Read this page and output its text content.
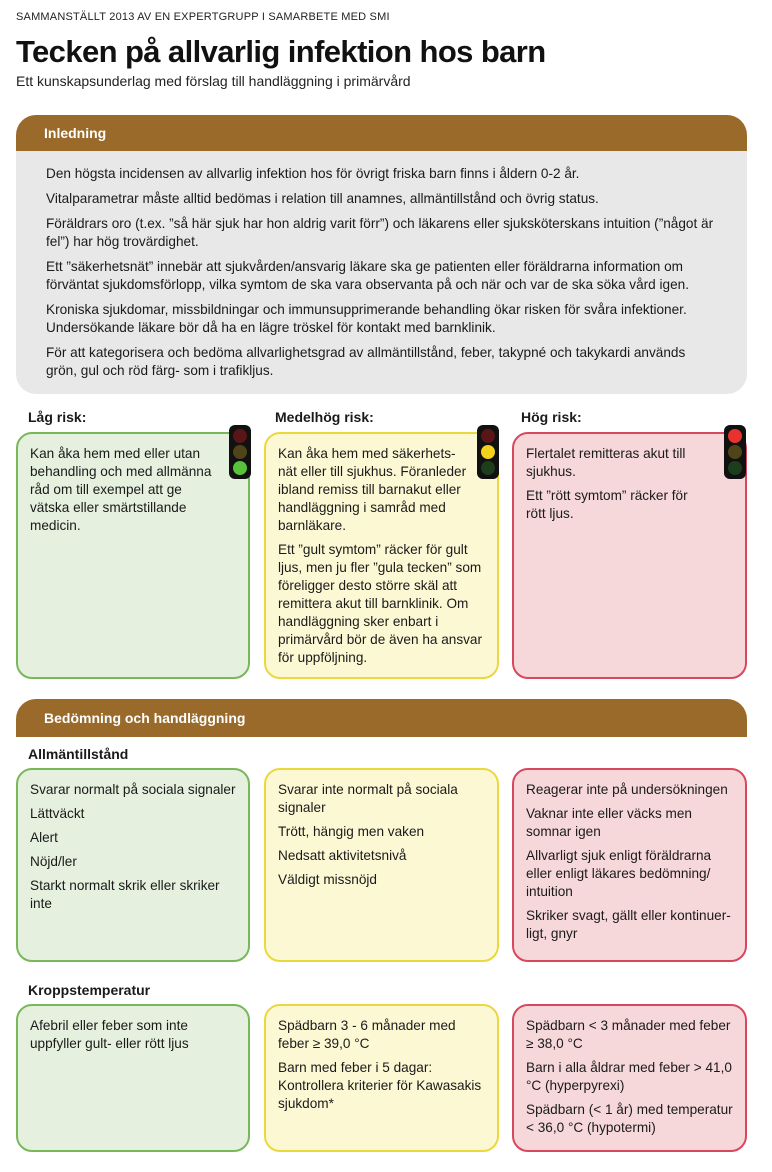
SAMMANSTÄLLT 2013 AV EN EXPERTGRUPP I SAMARBETE MED SMI
Tecken på allvarlig infektion hos barn
Ett kunskapsunderlag med förslag till handläggning i primärvård
Inledning

Den högsta incidensen av allvarlig infektion hos för övrigt friska barn finns i åldern 0-2 år.

Vitalparametrar måste alltid bedömas i relation till anamnes, allmäntillstånd och övrig status.

Föräldrars oro (t.ex. ”så här sjuk har hon aldrig varit förr”) och läkarens eller sjuksköterskans intuition (”något är fel”) har hög trovärdighet.

Ett ”säkerhetsnät” innebär att sjukvården/ansvarig läkare ska ge patienten eller föräldrarna information om förväntat sjukdomsförlopp, vilka symtom de ska vara observanta på och när och var de ska söka vård igen.

Kroniska sjukdomar, missbildningar och immunsupprimerande behandling ökar risken för svåra infektioner. Undersökande läkare bör då ha en lägre tröskel för kontakt med barnklinik.

För att kategorisera och bedöma allvarlighetsgrad av allmäntillstånd, feber, takypné och takykardi används grön, gul och röd färg- som i trafikljus.

Låg risk:	Medelhög risk:	Hög risk:

Kan åka hem med eller utan behandling och med allmänna råd om till exempel att ge vätska eller smärtstillande medicin.

Kan åka hem med säkerhetsnät eller till sjukhus. Föranleder ibland remiss till barnakut eller handläggning i samråd med barnläkare.

Ett ”gult symtom” räcker för gult ljus, men ju fler ”gula tecken” som föreligger desto större skäl att remittera akut till barnklinik. Om handläggning sker enbart i primärvård bör de även ha ansvar för uppföljning.

Flertalet remitteras akut till sjukhus.

Ett ”rött symtom” räcker för rött ljus.

Bedömning och handläggning
Allmäntillstånd

Svarar normalt på sociala signaler

Lättväckt

Alert

Nöjd/ler

Starkt normalt skrik eller skriker inte

Svarar inte normalt på sociala signaler

Trött, hängig men vaken

Nedsatt aktivitetsnivå

Väldigt missnöjd

Reagerar inte på undersökningen

Vaknar inte eller väcks men somnar igen

Allvarligt sjuk enligt föräldrarna eller enligt läkares bedömning/ intuition

Skriker svagt, gällt eller kontinuerligt, gnyr

Kroppstemperatur

Afebril eller feber som inte uppfyller gult- eller rött ljus

Spädbarn 3 - 6 månader med feber ≥ 39,0 °C

Barn med feber i 5 dagar: Kontrollera kriterier för Kawasakis sjukdom*

Spädbarn < 3 månader med feber ≥ 38,0 °C

Barn i alla åldrar med feber > 41,0 °C (hyperpyrexi)

Spädbarn (< 1 år) med temperatur < 36,0 °C (hypotermi)
